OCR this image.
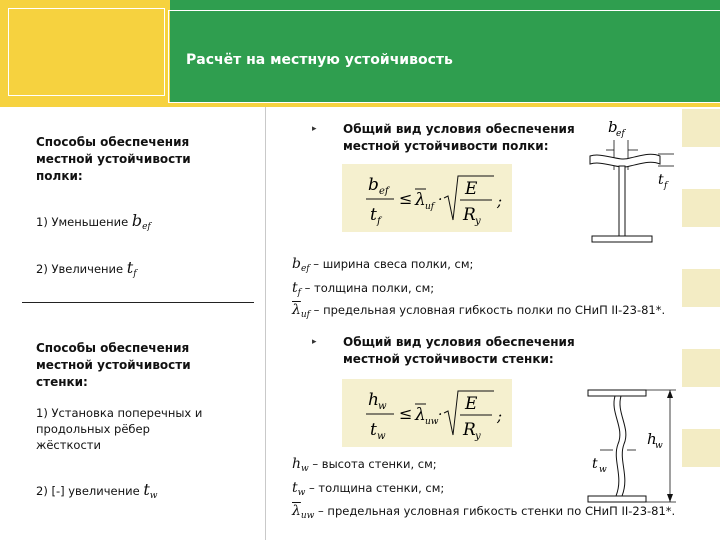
Расчёт на местную устойчивость
Способы обеспечения
местной устойчивости
полки:
1) Уменьшение $b_{ef}$
2) Увеличение $t_f$
Способы обеспечения
местной устойчивости
стенки:
1) Установка поперечных и
продольных рёбер
жёсткости
2) [-] увеличение $t_w$
▸ Общий вид условия обеспечения
местной устойчивости полки:
b ef
t f
≤ λ uf ·
E
R y
;
b
ef
t f
$b_{ef}$ – ширина свеса полки, см;
$t_f$ – толщина полки, см;
$\overline{\lambda}_{uf}$ – предельная условная гибкость полки по СНиП II-23-81*.
▸ Общий вид условия обеспечения
местной устойчивости стенки:
h w
t w
≤ λ uw ·
E
R y
;
h
w
t w
$h_w$ – высота стенки, см;
$t_w$ – толщина стенки, см;
$\overline{\lambda}_{uw}$ – предельная условная гибкость стенки по СНиП II-23-81*.
